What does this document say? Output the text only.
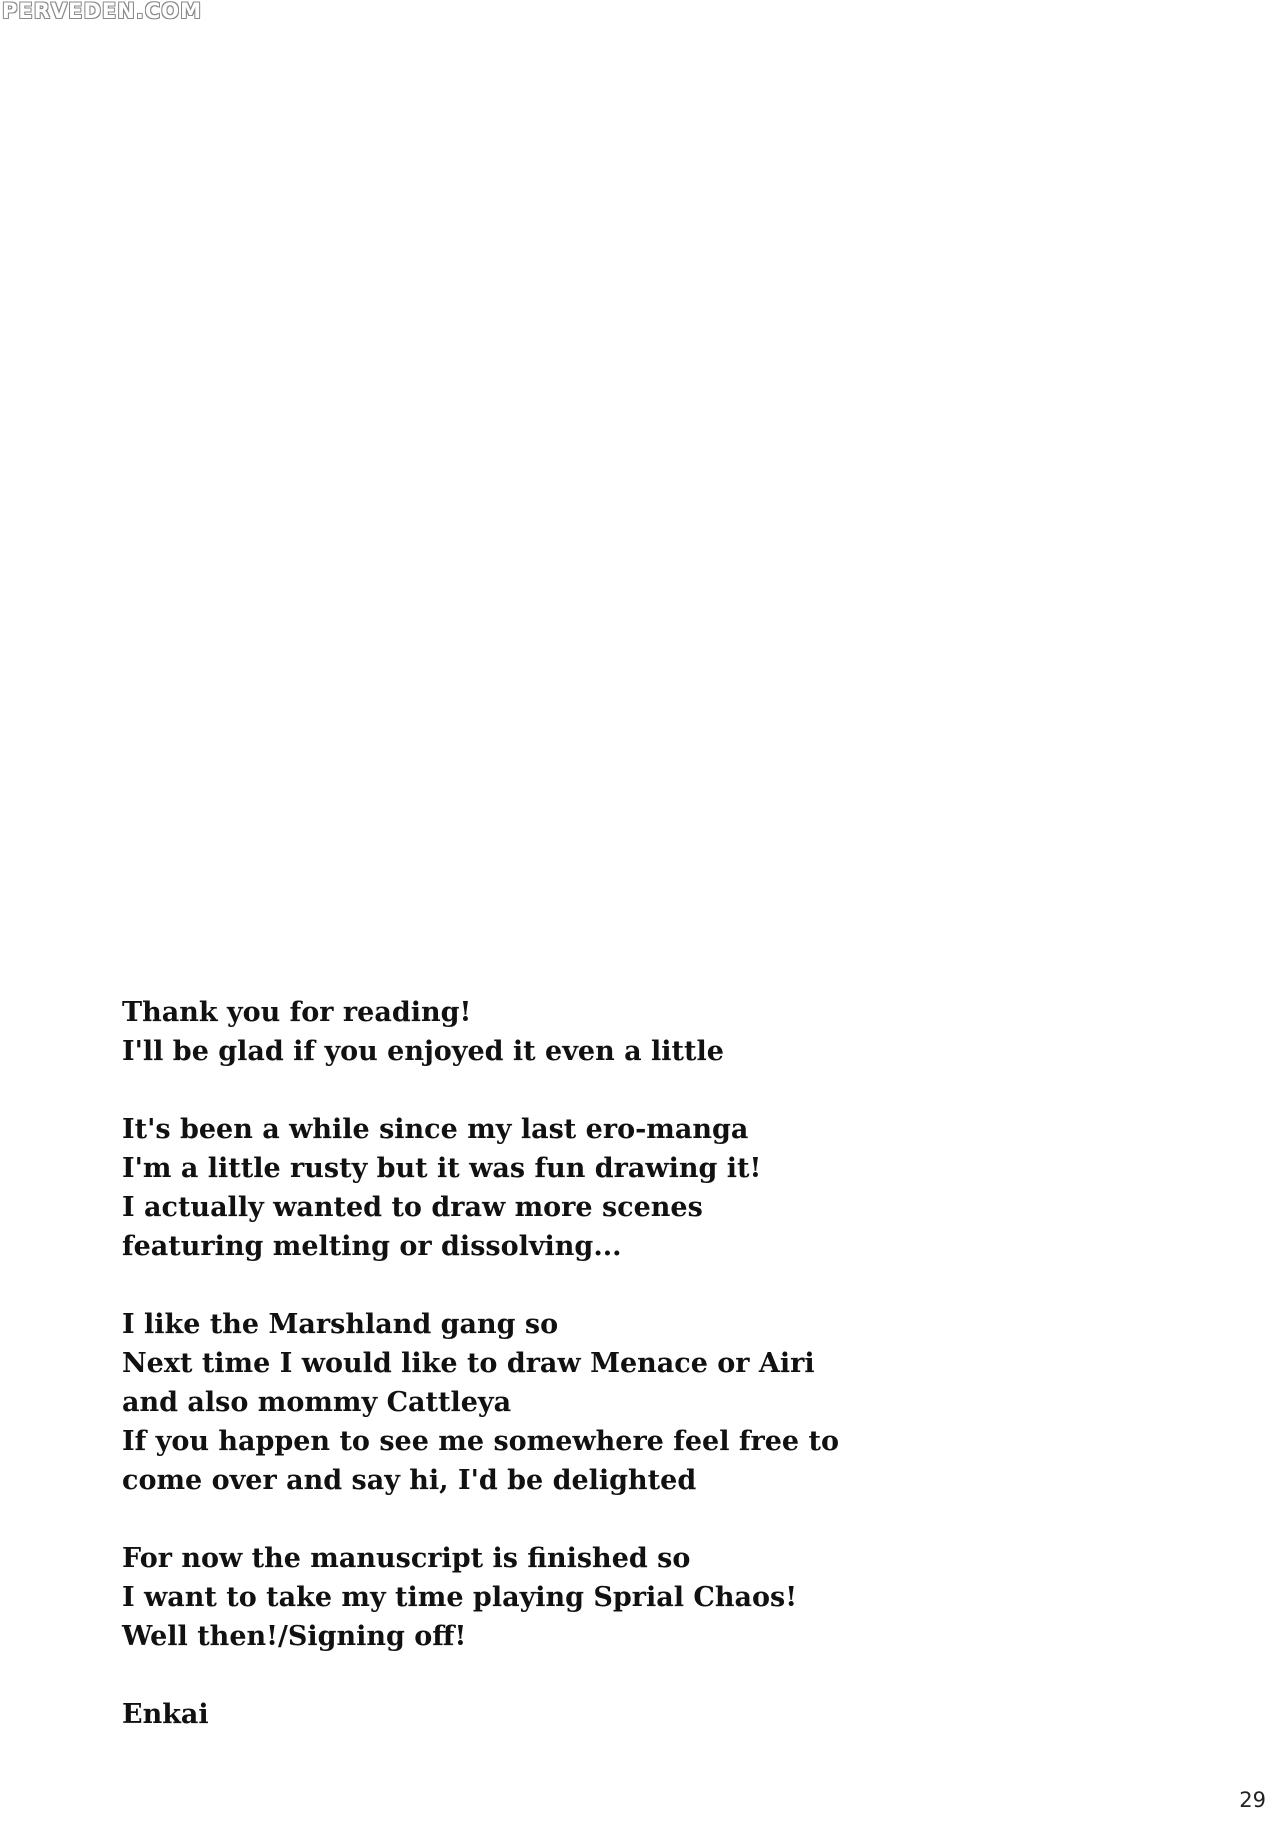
PERVEDEN.COM
Thank you for reading!
I'll be glad if you enjoyed it even a little
It's been a while since my last ero-manga
I'm a little rusty but it was fun drawing it!
I actually wanted to draw more scenes
featuring melting or dissolving...
I like the Marshland gang so
Next time I would like to draw Menace or Airi
and also mommy Cattleya
If you happen to see me somewhere feel free to
come over and say hi, I'd be delighted
For now the manuscript is finished so
I want to take my time playing Sprial Chaos!
Well then!/Signing off!
Enkai
29
